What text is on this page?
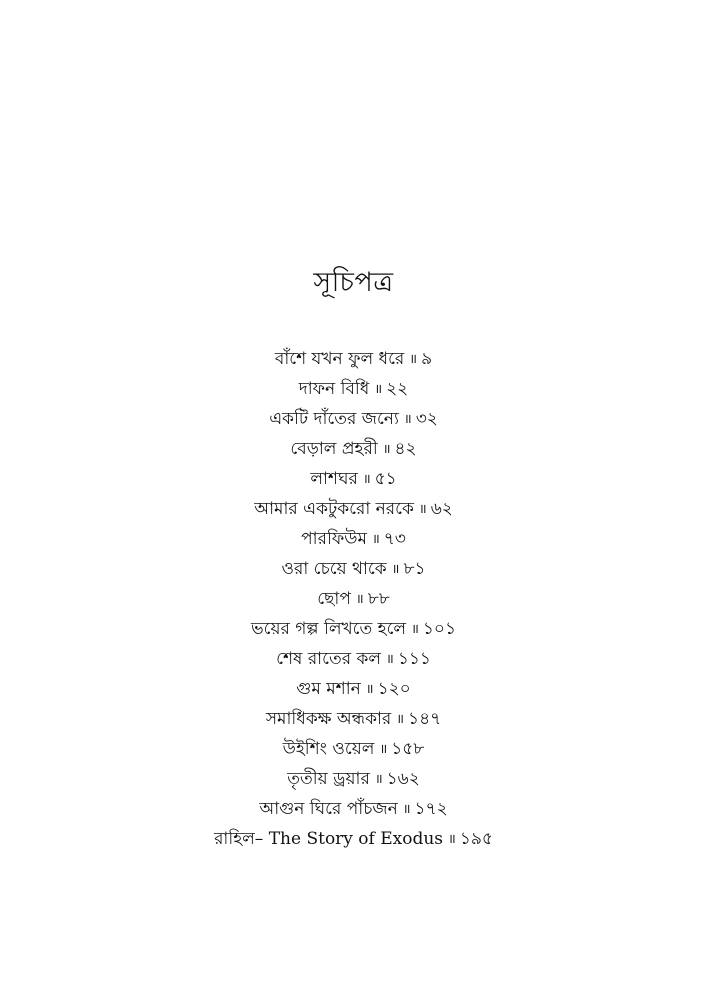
সূচিপত্র
বাঁশে যখন ফুল ধরে ॥ ৯
দাফন বিধি ॥ ২২
একটি দাঁতের জন্যে ॥ ৩২
বেড়াল প্রহরী ॥ ৪২
লাশঘর ॥ ৫১
আমার একটুকরো নরকে ॥ ৬২
পারফিউম ॥ ৭৩
ওরা চেয়ে থাকে ॥ ৮১
ছোপ ॥ ৮৮
ভয়ের গল্প লিখতে হলে ॥ ১০১
শেষ রাতের কল ॥ ১১১
গুম মশান ॥ ১২০
সমাধিকক্ষ অন্ধকার ॥ ১৪৭
উইশিং ওয়েল ॥ ১৫৮
তৃতীয় ড্রয়ার ॥ ১৬২
আগুন ঘিরে পাঁচজন ॥ ১৭২
রাহিল– The Story of Exodus ॥ ১৯৫
